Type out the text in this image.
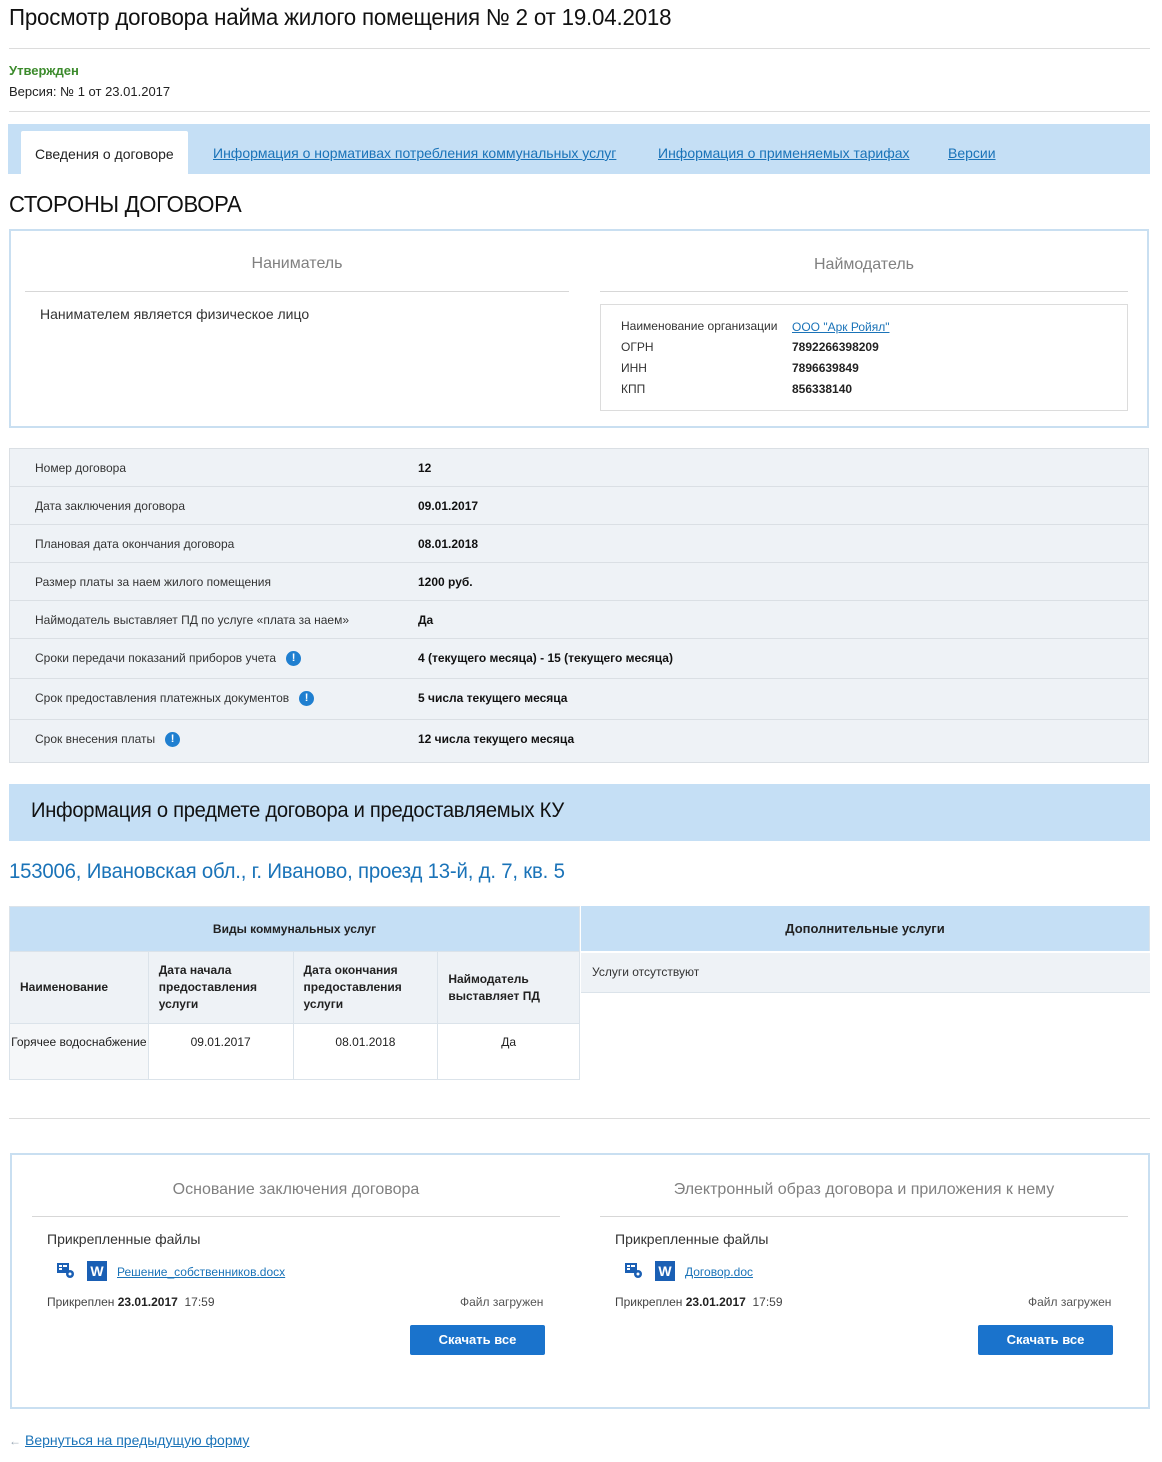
Просмотр договора найма жилого помещения № 2 от 19.04.2018
Утвержден
Версия: № 1 от 23.01.2017
Сведения о договоре	Информация о нормативах потребления коммунальных услуг	Информация о применяемых тарифах	Версии
СТОРОНЫ ДОГОВОРА
Наниматель
Нанимателем является физическое лицо
Наймодатель
Наименование организации ООО "Арк Ройял"
ОГРН	7892266398209
ИНН	7896639849
КПП	856338140
Номер договора	12
Дата заключения договора	09.01.2017
Плановая дата окончания договора	08.01.2018
Размер платы за наем жилого помещения	1200 руб.
Наймодатель выставляет ПД по услуге «плата за наем»	Да
Сроки передачи показаний приборов учета !	4 (текущего месяца) - 15 (текущего месяца)
Срок предоставления платежных документов !	5 числа текущего месяца
Срок внесения платы !	12 числа текущего месяца
Информация о предмете договора и предоставляемых КУ
153006, Ивановская обл., г. Иваново, проезд 13-й, д. 7, кв. 5
Виды коммунальных услуг			
Наименование	Дата начала предоставления услуги	Дата окончания предоставления услуги	Наймодатель выставляет ПД
Горячее водоснабжение	09.01.2017	08.01.2018	Да
Дополнительные услуги
Услуги отсутствуют
Основание заключения договора
Прикрепленные файлы
W Решение_собственников.docx
Прикреплен 23.01.2017 17:59	Файл загружен
Скачать все
Электронный образ договора и приложения к нему
Прикрепленные файлы
W Договор.doc
Прикреплен 23.01.2017 17:59	Файл загружен
Скачать все
← Вернуться на предыдущую форму
